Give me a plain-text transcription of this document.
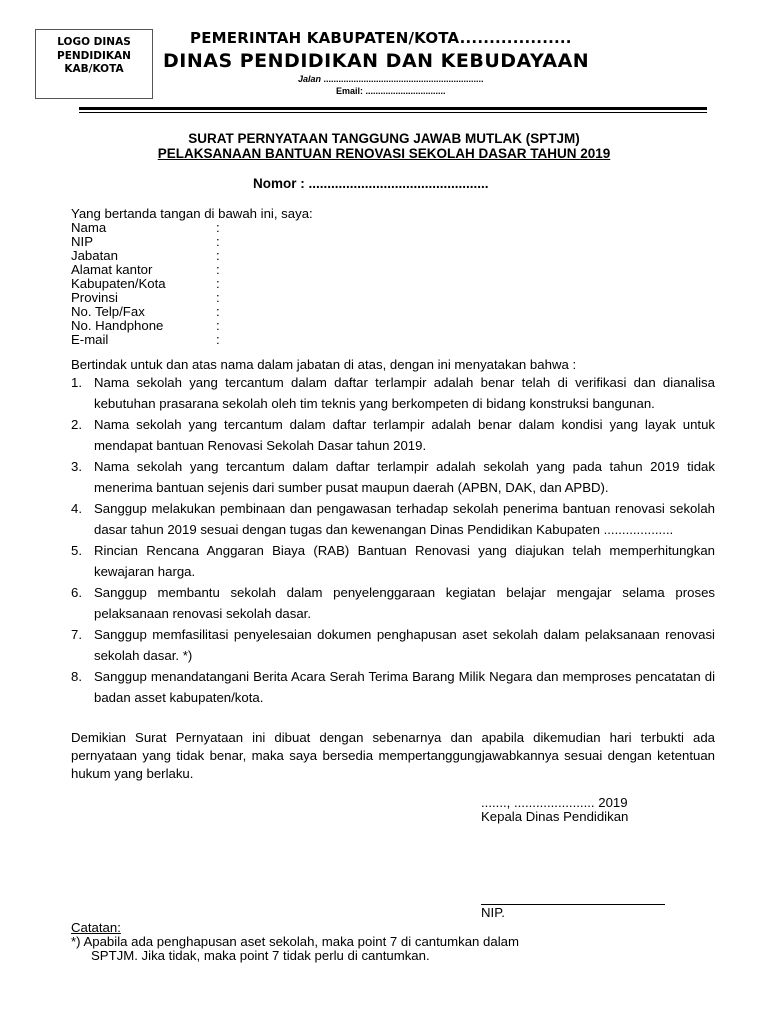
LOGO DINAS
PENDIDIKAN
KAB/KOTA
PEMERINTAH KABUPATEN/KOTA...................
DINAS PENDIDIKAN DAN KEBUDAYAAN
Jalan ................................................................
Email: ................................
SURAT PERNYATAAN TANGGUNG JAWAB MUTLAK (SPTJM)
PELAKSANAAN BANTUAN RENOVASI SEKOLAH DASAR TAHUN 2019
Nomor : ................................................
Yang bertanda tangan di bawah ini, saya:
Nama	:
NIP	:
Jabatan	:
Alamat kantor	:
Kabupaten/Kota	:
Provinsi	:
No. Telp/Fax	:
No. Handphone	:
E-mail	:
Bertindak untuk dan atas nama dalam jabatan di atas, dengan ini menyatakan bahwa :
1. Nama sekolah yang tercantum dalam daftar terlampir adalah benar telah di verifikasi dan dianalisa kebutuhan prasarana sekolah oleh tim teknis yang berkompeten di bidang konstruksi bangunan.
2. Nama sekolah yang tercantum dalam daftar terlampir adalah benar dalam kondisi yang layak untuk mendapat bantuan Renovasi Sekolah Dasar tahun 2019.
3. Nama sekolah yang tercantum dalam daftar terlampir adalah sekolah yang pada tahun 2019 tidak menerima bantuan sejenis dari sumber pusat maupun daerah (APBN, DAK, dan APBD).
4. Sanggup melakukan pembinaan dan pengawasan terhadap sekolah penerima bantuan renovasi sekolah dasar tahun 2019 sesuai dengan tugas dan kewenangan Dinas Pendidikan Kabupaten ...................
5. Rincian Rencana Anggaran Biaya (RAB) Bantuan Renovasi yang diajukan telah memperhitungkan kewajaran harga.
6. Sanggup membantu sekolah dalam penyelenggaraan kegiatan belajar mengajar selama proses pelaksanaan renovasi sekolah dasar.
7. Sanggup memfasilitasi penyelesaian dokumen penghapusan aset sekolah dalam pelaksanaan renovasi sekolah dasar. *)
8. Sanggup menandatangani Berita Acara Serah Terima Barang Milik Negara dan memproses pencatatan di badan asset kabupaten/kota.
Demikian Surat Pernyataan ini dibuat dengan sebenarnya dan apabila dikemudian hari terbukti ada pernyataan yang tidak benar, maka saya bersedia mempertanggungjawabkannya sesuai dengan ketentuan hukum yang berlaku.
......., ...................... 2019
Kepala Dinas Pendidikan
NIP.
Catatan:
*) Apabila ada penghapusan aset sekolah, maka point 7 di cantumkan dalam
SPTJM. Jika tidak, maka point 7 tidak perlu di cantumkan.
